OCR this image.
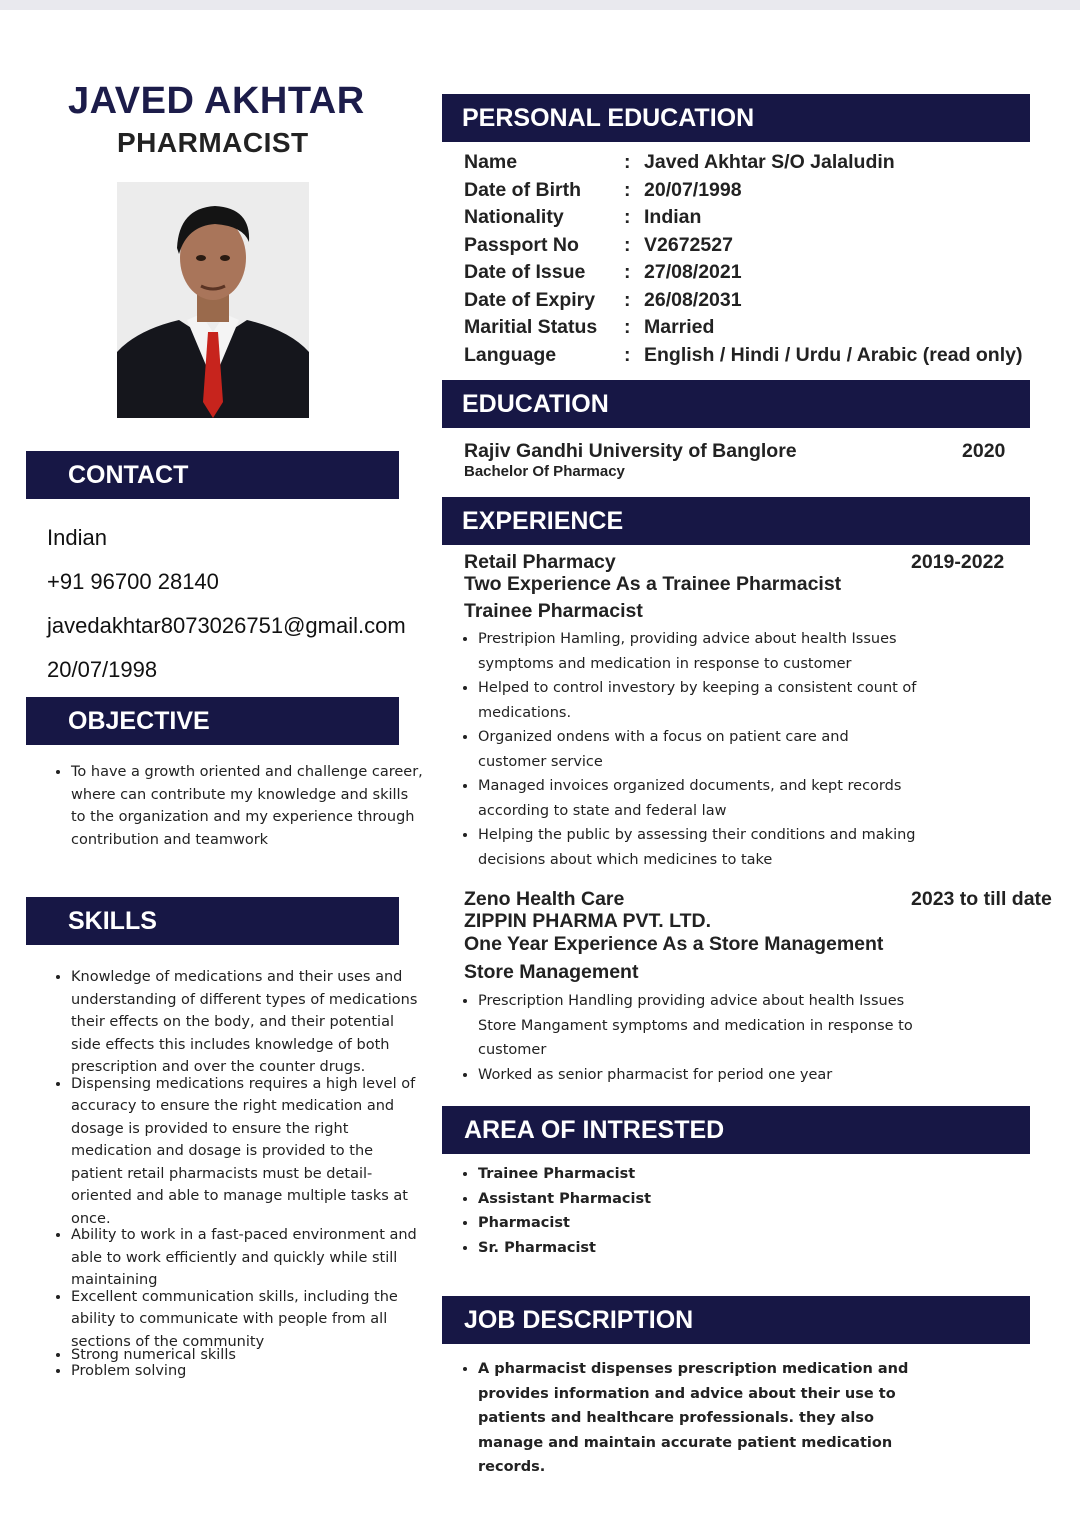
JAVED AKHTAR
PHARMACIST
CONTACT
Indian
+91 96700 28140
javedakhtar8073026751@gmail.com
20/07/1998
OBJECTIVE
• To have a growth oriented and challenge career, where can contribute my knowledge and skills to the organization and my experience through contribution and teamwork
SKILLS
• Knowledge of medications and their uses and understanding of different types of medications their effects on the body, and their potential side effects this includes knowledge of both prescription and over the counter drugs.
• Dispensing medications requires a high level of accuracy to ensure the right medication and dosage is provided to ensure the right medication and dosage is provided to the patient retail pharmacists must be detail-oriented and able to manage multiple tasks at once.
• Ability to work in a fast-paced environment and able to work efficiently and quickly while still maintaining
• Excellent communication skills, including the ability to communicate with people from all sections of the community
• Strong numerical skills
• Problem solving
PERSONAL EDUCATION
Name	: Javed Akhtar S/O Jalaludin
Date of Birth	: 20/07/1998
Nationality	: Indian
Passport No	: V2672527
Date of Issue	: 27/08/2021
Date of Expiry	: 26/08/2031
Maritial Status	: Married
Language	: English / Hindi / Urdu / Arabic (read only)
EDUCATION
Rajiv Gandhi University of Banglore	2020
Bachelor Of Pharmacy
EXPERIENCE
Retail Pharmacy	2019-2022
Two Experience As a Trainee Pharmacist
Trainee Pharmacist
• Prestripion Hamling, providing advice about health Issues symptoms and medication in response to customer
• Helped to control investory by keeping a consistent count of medications.
• Organized ondens with a focus on patient care and customer service
• Managed invoices organized documents, and kept records according to state and federal law
• Helping the public by assessing their conditions and making decisions about which medicines to take
Zeno Health Care	2023 to till date
ZIPPIN PHARMA PVT. LTD.
One Year Experience As a Store Management
Store Management
• Prescription Handling providing advice about health Issues Store Mangament symptoms and medication in response to customer
• Worked as senior pharmacist for period one year
AREA OF INTRESTED
• Trainee Pharmacist
• Assistant Pharmacist
• Pharmacist
• Sr. Pharmacist
JOB DESCRIPTION
• A pharmacist dispenses prescription medication and provides information and advice about their use to patients and healthcare professionals. they also manage and maintain accurate patient medication records.
